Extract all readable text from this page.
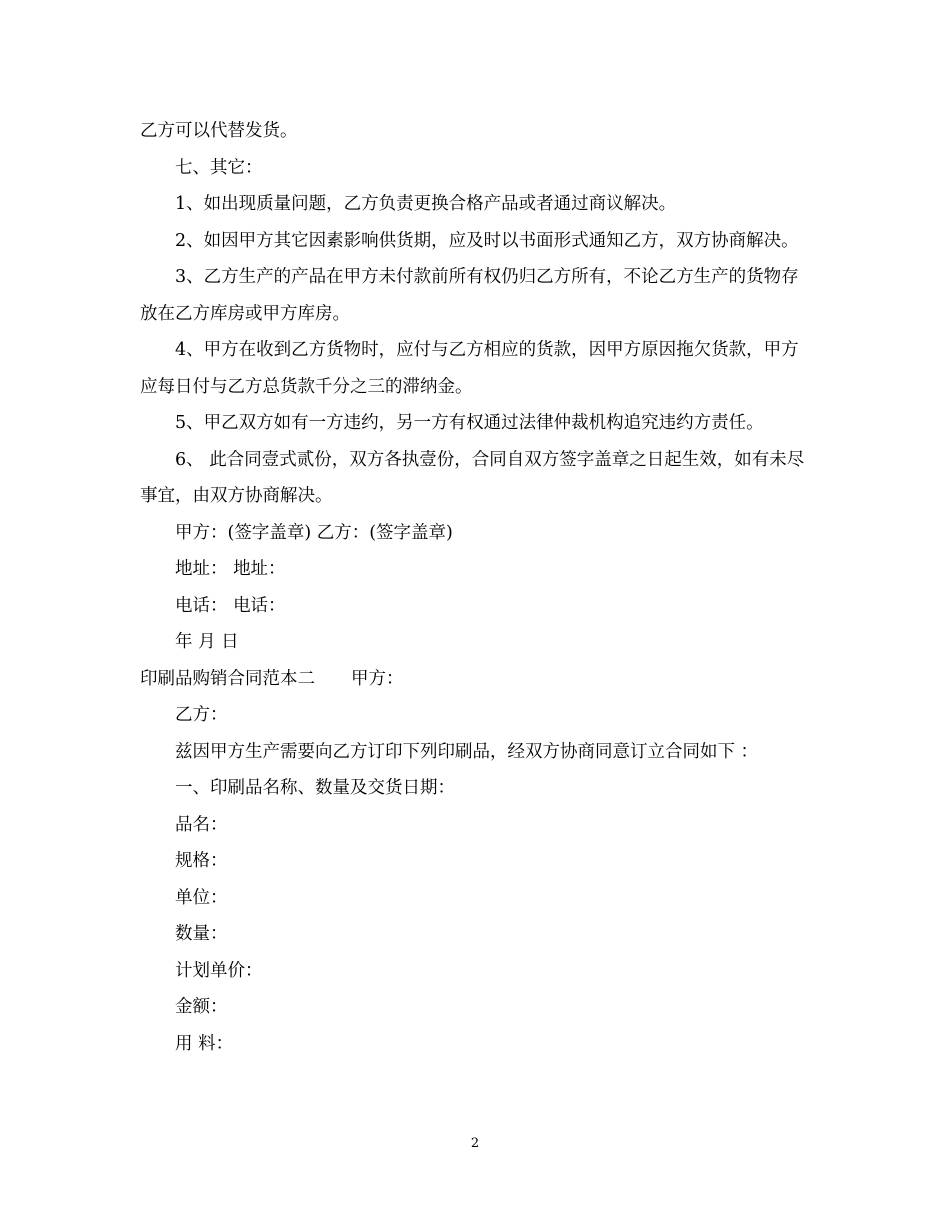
乙方可以代替发货。

七、其它：

1、如出现质量问题，乙方负责更换合格产品或者通过商议解决。

2、如因甲方其它因素影响供货期，应及时以书面形式通知乙方，双方协商解决。

3、乙方生产的产品在甲方未付款前所有权仍归乙方所有，不论乙方生产的货物存放在乙方库房或甲方库房。

4、甲方在收到乙方货物时，应付与乙方相应的货款，因甲方原因拖欠货款，甲方应每日付与乙方总货款千分之三的滞纳金。

5、甲乙双方如有一方违约，另一方有权通过法律仲裁机构追究违约方责任。

6、 此合同壹式贰份，双方各执壹份，合同自双方签字盖章之日起生效，如有未尽事宜，由双方协商解决。

甲方：(签字盖章) 乙方：(签字盖章)

地址： 地址：

电话： 电话：

年 月 日

印刷品购销合同范本二 甲方：

乙方：

兹因甲方生产需要向乙方订印下列印刷品，经双方协商同意订立合同如下 ：

一、印刷品名称、数量及交货日期：

品名：

规格：

单位：

数量：

计划单价：

金额：

用 料：

2
